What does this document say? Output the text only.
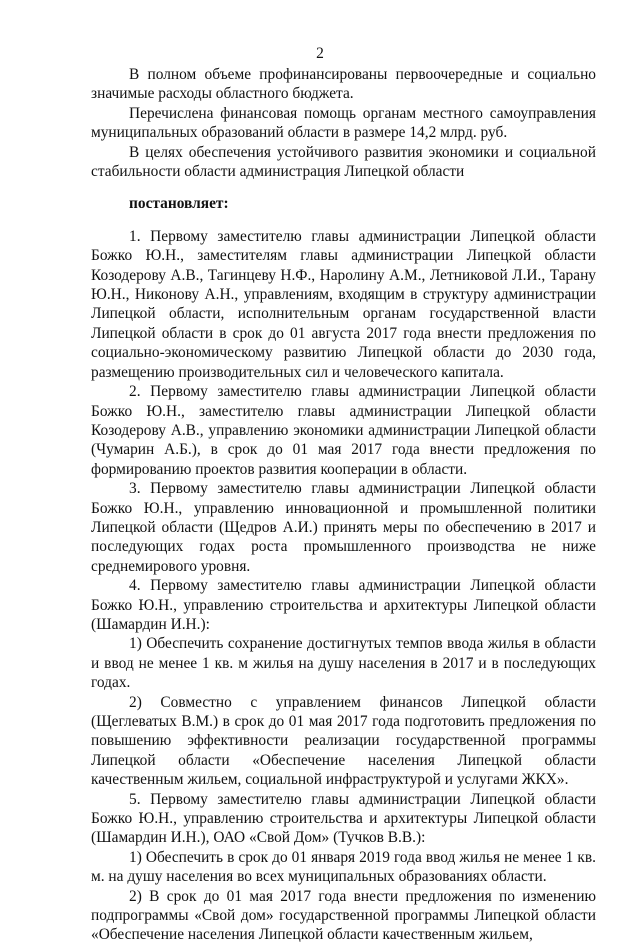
2

В полном объеме профинансированы первоочередные и социально значимые расходы областного бюджета.

Перечислена финансовая помощь органам местного самоуправления муниципальных образований области в размере 14,2 млрд. руб.

В целях обеспечения устойчивого развития экономики и социальной стабильности области администрация Липецкой области

постановляет:

1. Первому заместителю главы администрации Липецкой области Божко Ю.Н., заместителям главы администрации Липецкой области Козодерову А.В., Тагинцеву Н.Ф., Наролину А.М., Летниковой Л.И., Тарану Ю.Н., Никонову А.Н., управлениям, входящим в структуру администрации Липецкой области, исполнительным органам государственной власти Липецкой области в срок до 01 августа 2017 года внести предложения по социально-экономическому развитию Липецкой области до 2030 года, размещению производительных сил и человеческого капитала.

2. Первому заместителю главы администрации Липецкой области Божко Ю.Н., заместителю главы администрации Липецкой области Козодерову А.В., управлению экономики администрации Липецкой области (Чумарин А.Б.), в срок до 01 мая 2017 года внести предложения по формированию проектов развития кооперации в области.

3. Первому заместителю главы администрации Липецкой области Божко Ю.Н., управлению инновационной и промышленной политики Липецкой области (Щедров А.И.) принять меры по обеспечению в 2017 и последующих годах роста промышленного производства не ниже среднемирового уровня.

4. Первому заместителю главы администрации Липецкой области Божко Ю.Н., управлению строительства и архитектуры Липецкой области (Шамардин И.Н.):

1) Обеспечить сохранение достигнутых темпов ввода жилья в области и ввод не менее 1 кв. м жилья на душу населения в 2017 и в последующих годах.

2) Совместно с управлением финансов Липецкой области (Щеглеватых В.М.) в срок до 01 мая 2017 года подготовить предложения по повышению эффективности реализации государственной программы Липецкой области «Обеспечение населения Липецкой области качественным жильем, социальной инфраструктурой и услугами ЖКХ».

5. Первому заместителю главы администрации Липецкой области Божко Ю.Н., управлению строительства и архитектуры Липецкой области (Шамардин И.Н.), ОАО «Свой Дом» (Тучков В.В.):

1) Обеспечить в срок до 01 января 2019 года ввод жилья не менее 1 кв. м. на душу населения во всех муниципальных образованиях области.

2) В срок до 01 мая 2017 года внести предложения по изменению подпрограммы «Свой дом» государственной программы Липецкой области «Обеспечение населения Липецкой области качественным жильем,
